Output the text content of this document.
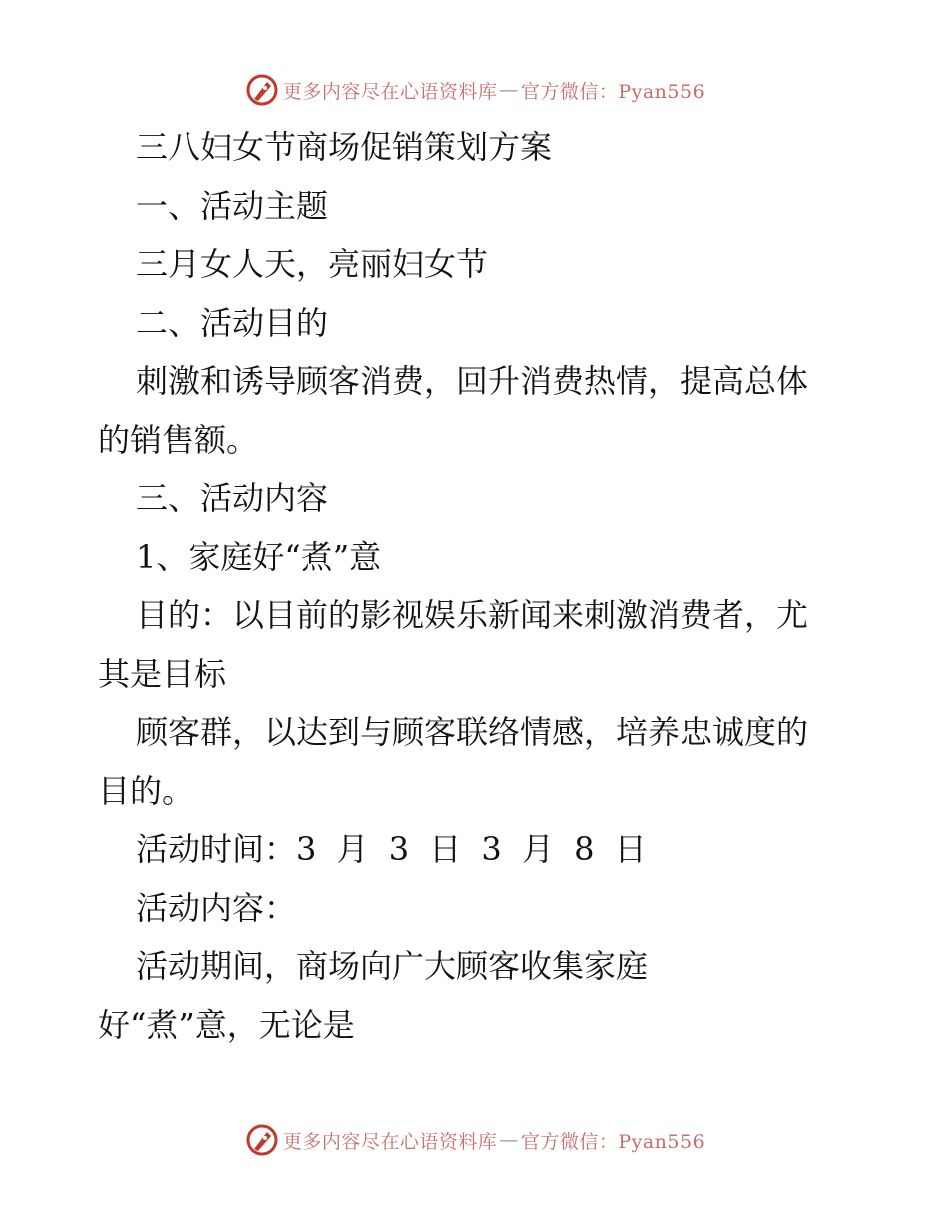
更多内容尽在心语资料库 — 官方微信：Pyan556
三八妇女节商场促销策划方案
一、活动主题
三月女人天，亮丽妇女节
二、活动目的
刺激和诱导顾客消费，回升消费热情，提高总体
的销售额。
三、活动内容
1、家庭好“煮”意
目的：以目前的影视娱乐新闻来刺激消费者，尤
其是目标
顾客群，以达到与顾客联络情感，培养忠诚度的
目的。
活动时间：3 月 3 日 3 月 8 日
活动内容：
活动期间，商场向广大顾客收集家庭
好“煮”意，无论是
更多内容尽在心语资料库 — 官方微信：Pyan556
